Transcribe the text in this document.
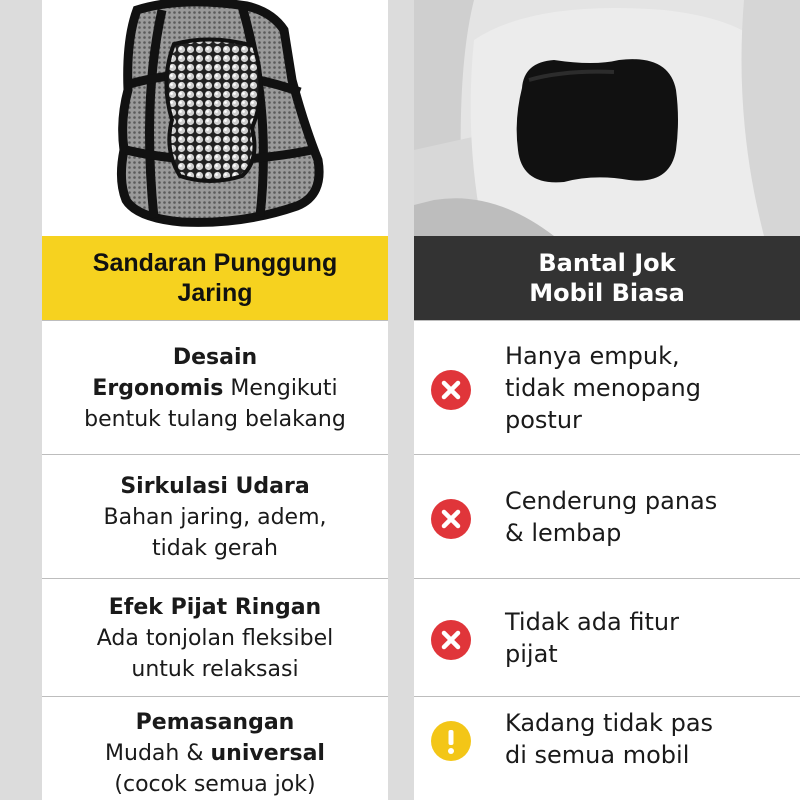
Sandaran Punggung
Jaring
Desain
Ergonomis Mengikuti
bentuk tulang belakang
Sirkulasi Udara
Bahan jaring, adem,
tidak gerah
Efek Pijat Ringan
Ada tonjolan fleksibel
untuk relaksasi
Pemasangan
Mudah & universal
(cocok semua jok)
Bantal Jok
Mobil Biasa
Hanya empuk,
tidak menopang
postur
Cenderung panas
& lembap
Tidak ada fitur
pijat
Kadang tidak pas
di semua mobil
